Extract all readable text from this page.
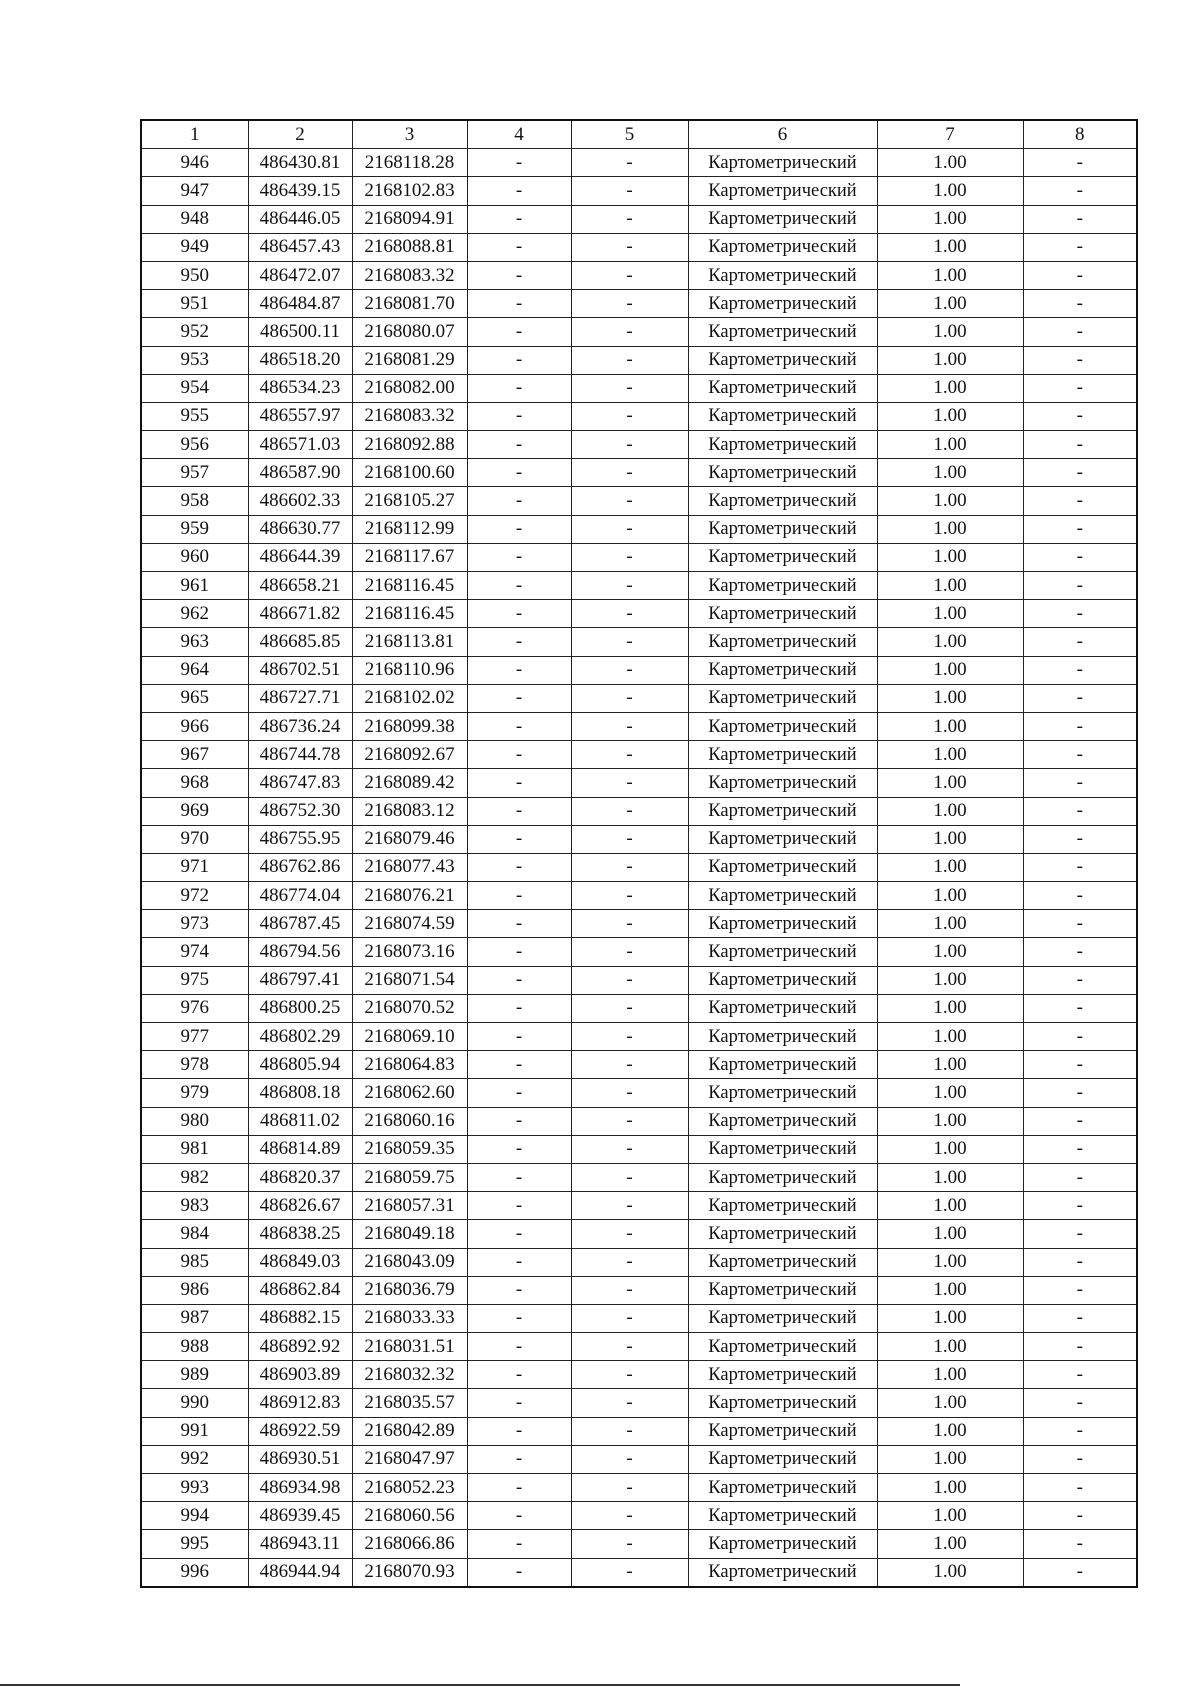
1	2	3	4	5	6	7	8
946	486430.81	2168118.28	-	-	Картометрический	1.00	-
947	486439.15	2168102.83	-	-	Картометрический	1.00	-
948	486446.05	2168094.91	-	-	Картометрический	1.00	-
949	486457.43	2168088.81	-	-	Картометрический	1.00	-
950	486472.07	2168083.32	-	-	Картометрический	1.00	-
951	486484.87	2168081.70	-	-	Картометрический	1.00	-
952	486500.11	2168080.07	-	-	Картометрический	1.00	-
953	486518.20	2168081.29	-	-	Картометрический	1.00	-
954	486534.23	2168082.00	-	-	Картометрический	1.00	-
955	486557.97	2168083.32	-	-	Картометрический	1.00	-
956	486571.03	2168092.88	-	-	Картометрический	1.00	-
957	486587.90	2168100.60	-	-	Картометрический	1.00	-
958	486602.33	2168105.27	-	-	Картометрический	1.00	-
959	486630.77	2168112.99	-	-	Картометрический	1.00	-
960	486644.39	2168117.67	-	-	Картометрический	1.00	-
961	486658.21	2168116.45	-	-	Картометрический	1.00	-
962	486671.82	2168116.45	-	-	Картометрический	1.00	-
963	486685.85	2168113.81	-	-	Картометрический	1.00	-
964	486702.51	2168110.96	-	-	Картометрический	1.00	-
965	486727.71	2168102.02	-	-	Картометрический	1.00	-
966	486736.24	2168099.38	-	-	Картометрический	1.00	-
967	486744.78	2168092.67	-	-	Картометрический	1.00	-
968	486747.83	2168089.42	-	-	Картометрический	1.00	-
969	486752.30	2168083.12	-	-	Картометрический	1.00	-
970	486755.95	2168079.46	-	-	Картометрический	1.00	-
971	486762.86	2168077.43	-	-	Картометрический	1.00	-
972	486774.04	2168076.21	-	-	Картометрический	1.00	-
973	486787.45	2168074.59	-	-	Картометрический	1.00	-
974	486794.56	2168073.16	-	-	Картометрический	1.00	-
975	486797.41	2168071.54	-	-	Картометрический	1.00	-
976	486800.25	2168070.52	-	-	Картометрический	1.00	-
977	486802.29	2168069.10	-	-	Картометрический	1.00	-
978	486805.94	2168064.83	-	-	Картометрический	1.00	-
979	486808.18	2168062.60	-	-	Картометрический	1.00	-
980	486811.02	2168060.16	-	-	Картометрический	1.00	-
981	486814.89	2168059.35	-	-	Картометрический	1.00	-
982	486820.37	2168059.75	-	-	Картометрический	1.00	-
983	486826.67	2168057.31	-	-	Картометрический	1.00	-
984	486838.25	2168049.18	-	-	Картометрический	1.00	-
985	486849.03	2168043.09	-	-	Картометрический	1.00	-
986	486862.84	2168036.79	-	-	Картометрический	1.00	-
987	486882.15	2168033.33	-	-	Картометрический	1.00	-
988	486892.92	2168031.51	-	-	Картометрический	1.00	-
989	486903.89	2168032.32	-	-	Картометрический	1.00	-
990	486912.83	2168035.57	-	-	Картометрический	1.00	-
991	486922.59	2168042.89	-	-	Картометрический	1.00	-
992	486930.51	2168047.97	-	-	Картометрический	1.00	-
993	486934.98	2168052.23	-	-	Картометрический	1.00	-
994	486939.45	2168060.56	-	-	Картометрический	1.00	-
995	486943.11	2168066.86	-	-	Картометрический	1.00	-
996	486944.94	2168070.93	-	-	Картометрический	1.00	-
